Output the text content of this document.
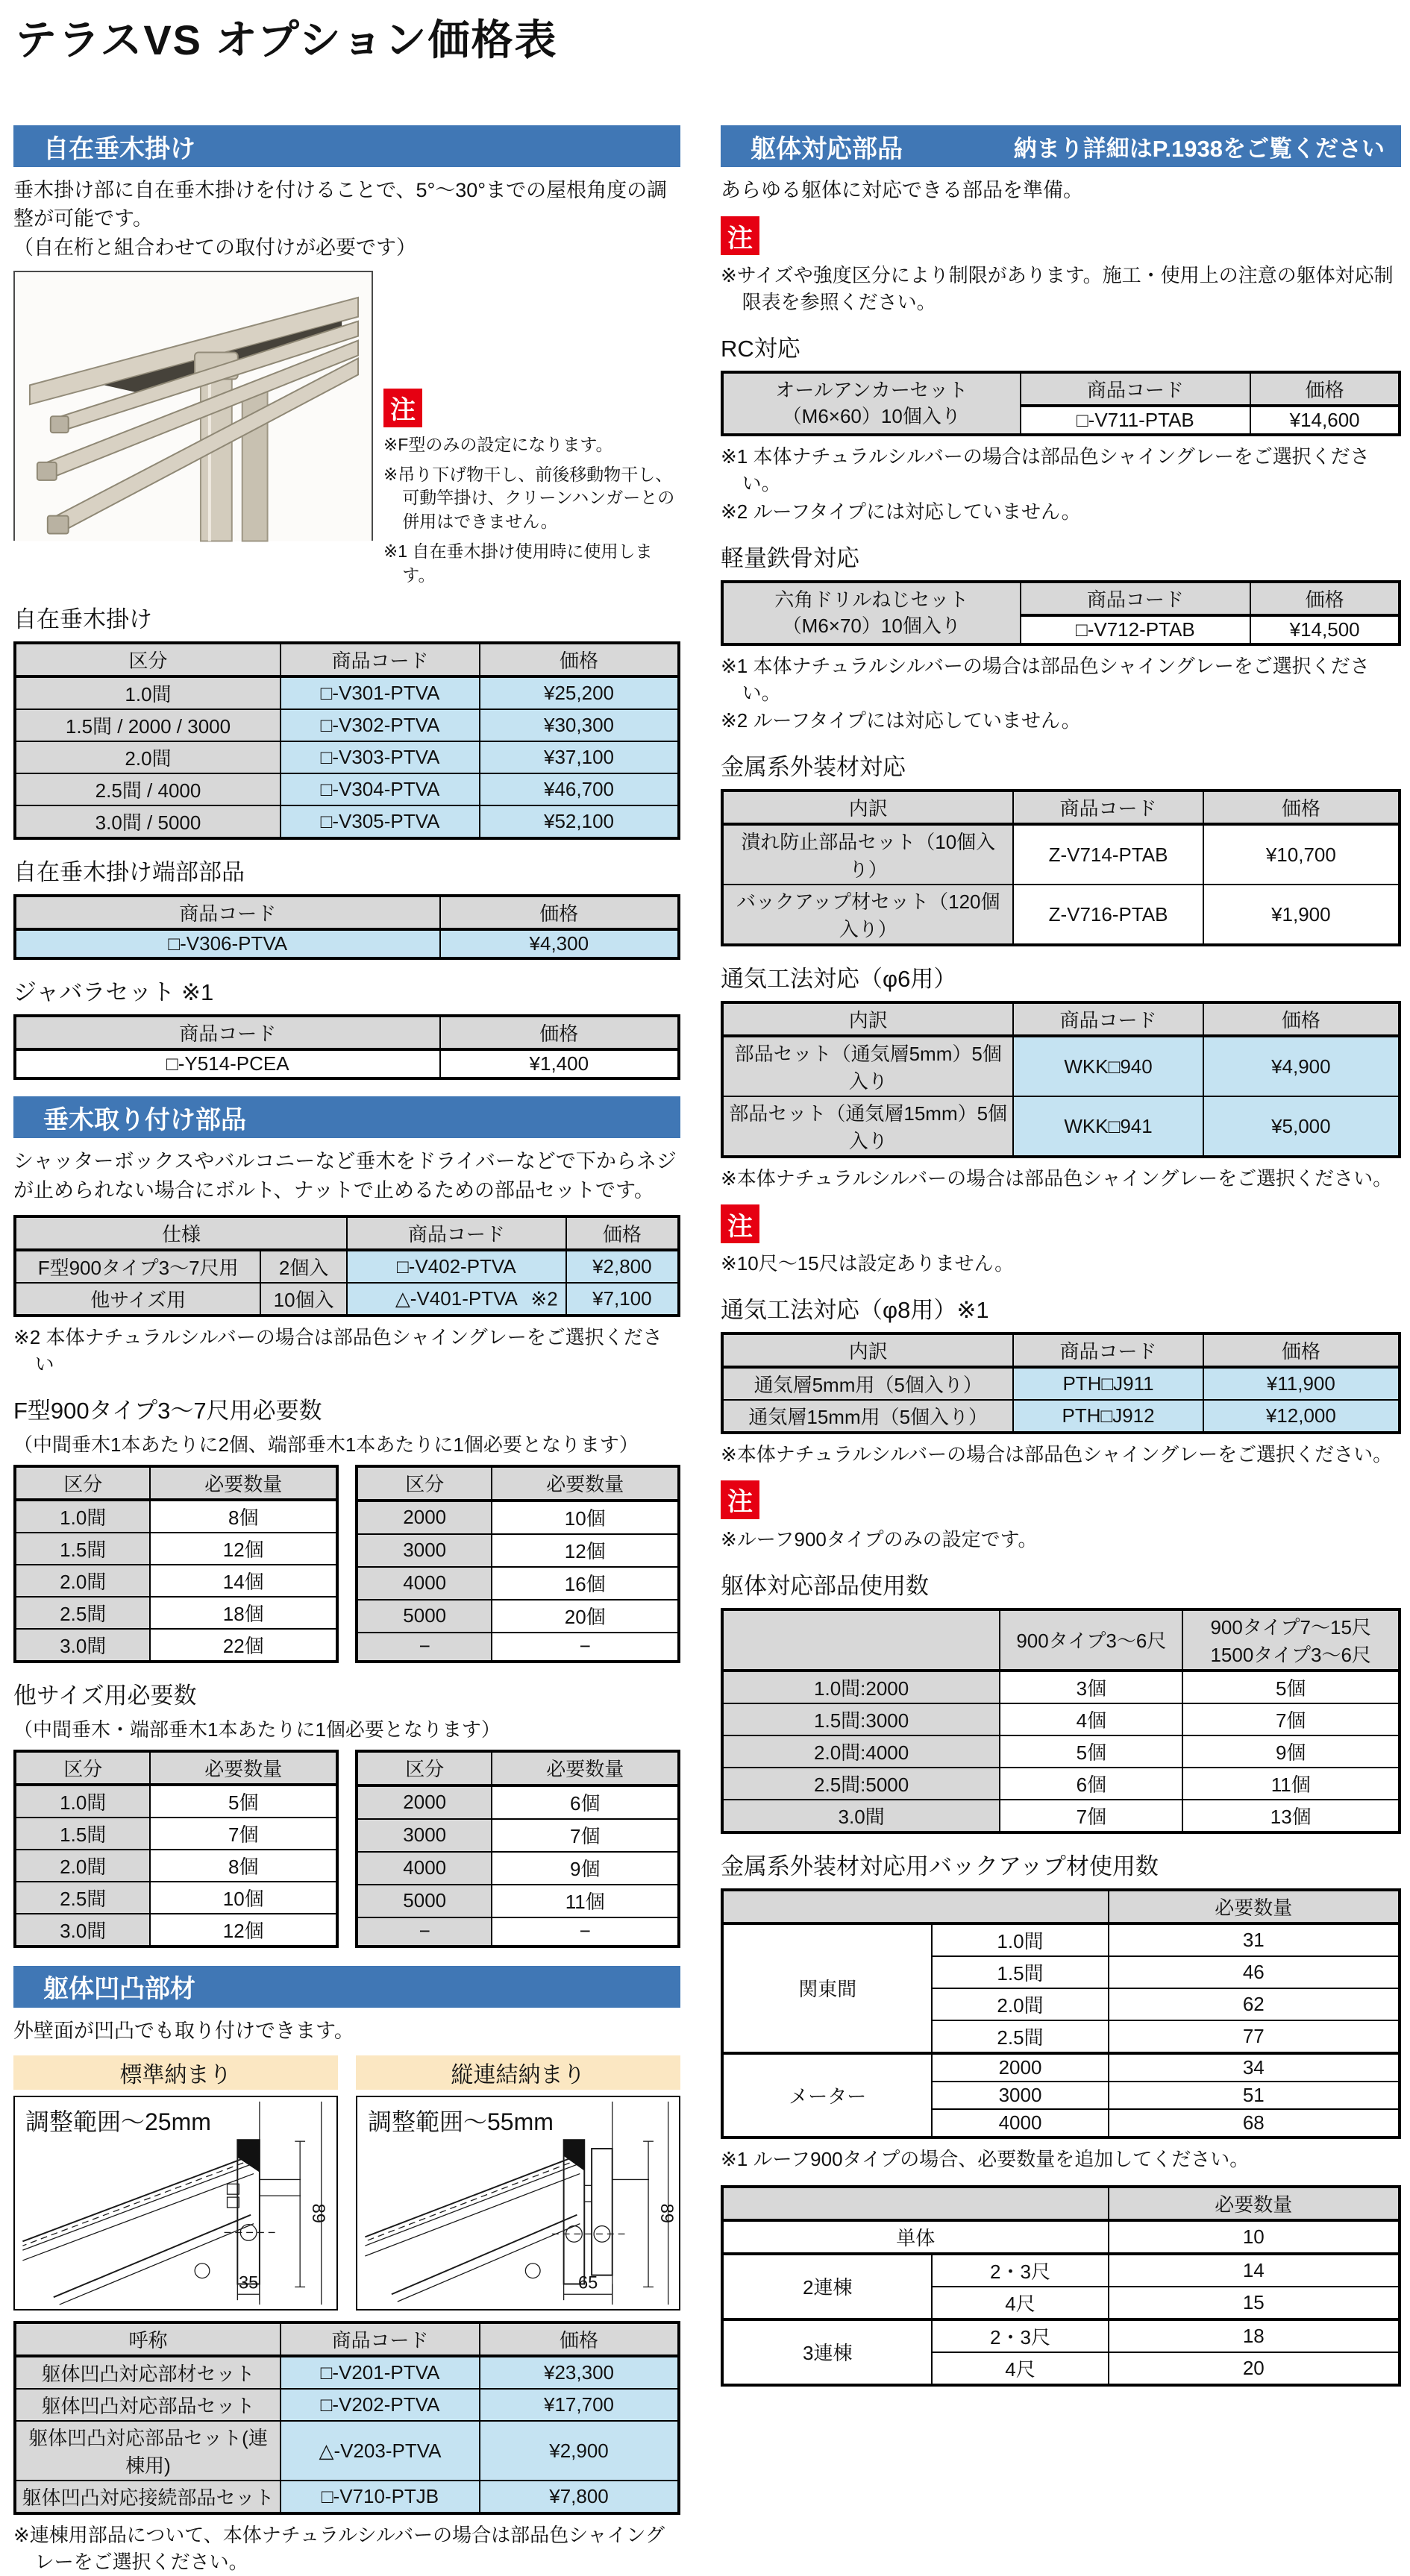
テラスVS オプション価格表
自在垂木掛け
垂木掛け部に自在垂木掛けを付けることで、5°～30°までの屋根角度の調整が可能です。
（自在桁と組合わせての取付けが必要です）
注
※F型のみの設定になります。
※吊り下げ物干し、前後移動物干し、可動竿掛け、クリーンハンガーとの併用はできません。
※1 自在垂木掛け使用時に使用します。
自在垂木掛け
区分	商品コード	価格
1.0間	□-V301-PTVA	¥25,200
1.5間 / 2000 / 3000	□-V302-PTVA	¥30,300
2.0間	□-V303-PTVA	¥37,100
2.5間 / 4000	□-V304-PTVA	¥46,700
3.0間 / 5000	□-V305-PTVA	¥52,100
自在垂木掛け端部部品
商品コード	価格
□-V306-PTVA	¥4,300
ジャバラセット ※1
商品コード	価格
□-Y514-PCEA	¥1,400
垂木取り付け部品
シャッターボックスやバルコニーなど垂木をドライバーなどで下からネジが止められない場合にボルト、ナットで止めるための部品セットです。
仕様		商品コード	価格
F型900タイプ3～7尺用	2個入	□-V402-PTVA	¥2,800
他サイズ用	10個入	△-V401-PTVA ※2	¥7,100
※2 本体ナチュラルシルバーの場合は部品色シャイングレーをご選択ください
F型900タイプ3～7尺用必要数
（中間垂木1本あたりに2個、端部垂木1本あたりに1個必要となります）
区分	必要数量
1.0間	8個
1.5間	12個
2.0間	14個
2.5間	18個
3.0間	22個
区分	必要数量
2000	10個
3000	12個
4000	16個
5000	20個
−	−
他サイズ用必要数
（中間垂木・端部垂木1本あたりに1個必要となります）
区分	必要数量
1.0間	5個
1.5間	7個
2.0間	8個
2.5間	10個
3.0間	12個
区分	必要数量
2000	6個
3000	7個
4000	9個
5000	11個
−	−
躯体凹凸部材
外壁面が凹凸でも取り付けできます。
標準納まり
89
35
調整範囲～25mm
縦連結納まり
89
65
調整範囲～55mm
呼称	商品コード	価格
躯体凹凸対応部材セット	□-V201-PTVA	¥23,300
躯体凹凸対応部品セット	□-V202-PTVA	¥17,700
躯体凹凸対応部品セット(連棟用)	△-V203-PTVA	¥2,900
躯体凹凸対応接続部品セット	□-V710-PTJB	¥7,800
※連棟用部品について、本体ナチュラルシルバーの場合は部品色シャイングレーをご選択ください。
躯体対応部品	納まり詳細はP.1938をご覧ください
あらゆる躯体に対応できる部品を準備。
注
※サイズや強度区分により制限があります。施工・使用上の注意の躯体対応制限表を参照ください。
RC対応
オールアンカーセット
（M6×60）10個入り	商品コード	価格
	□-V711-PTAB	¥14,600
※1 本体ナチュラルシルバーの場合は部品色シャイングレーをご選択ください。
※2 ルーフタイプには対応していません。
軽量鉄骨対応
六角ドリルねじセット
（M6×70）10個入り	商品コード	価格
	□-V712-PTAB	¥14,500
※1 本体ナチュラルシルバーの場合は部品色シャイングレーをご選択ください。
※2 ルーフタイプには対応していません。
金属系外装材対応
内訳	商品コード	価格
潰れ防止部品セット（10個入り）	Z-V714-PTAB	¥10,700
バックアップ材セット（120個入り）	Z-V716-PTAB	¥1,900
通気工法対応（φ6用）
内訳	商品コード	価格
部品セット（通気層5mm）5個入り	WKK□940	¥4,900
部品セット（通気層15mm）5個入り	WKK□941	¥5,000
※本体ナチュラルシルバーの場合は部品色シャイングレーをご選択ください。
注
※10尺～15尺は設定ありません。
通気工法対応（φ8用）※1
内訳	商品コード	価格
通気層5mm用（5個入り）	PTH□J911	¥11,900
通気層15mm用（5個入り）	PTH□J912	¥12,000
※本体ナチュラルシルバーの場合は部品色シャイングレーをご選択ください。
注
※ルーフ900タイプのみの設定です。
躯体対応部品使用数
	900タイプ3～6尺	900タイプ7～15尺
1500タイプ3～6尺

1.0間:2000	3個	5個
1.5間:3000	4個	7個
2.0間:4000	5個	9個
2.5間:5000	6個	11個
3.0間	7個	13個
金属系外装材対応用バックアップ材使用数
		必要数量
関東間	1.0間	31
	1.5間	46
	2.0間	62
	2.5間	77
メーター	2000	34
	3000	51
	4000	68
※1 ルーフ900タイプの場合、必要数量を追加してください。
		必要数量
単体		10
2連棟	2・3尺	14
	4尺	15
3連棟	2・3尺	18
	4尺	20
